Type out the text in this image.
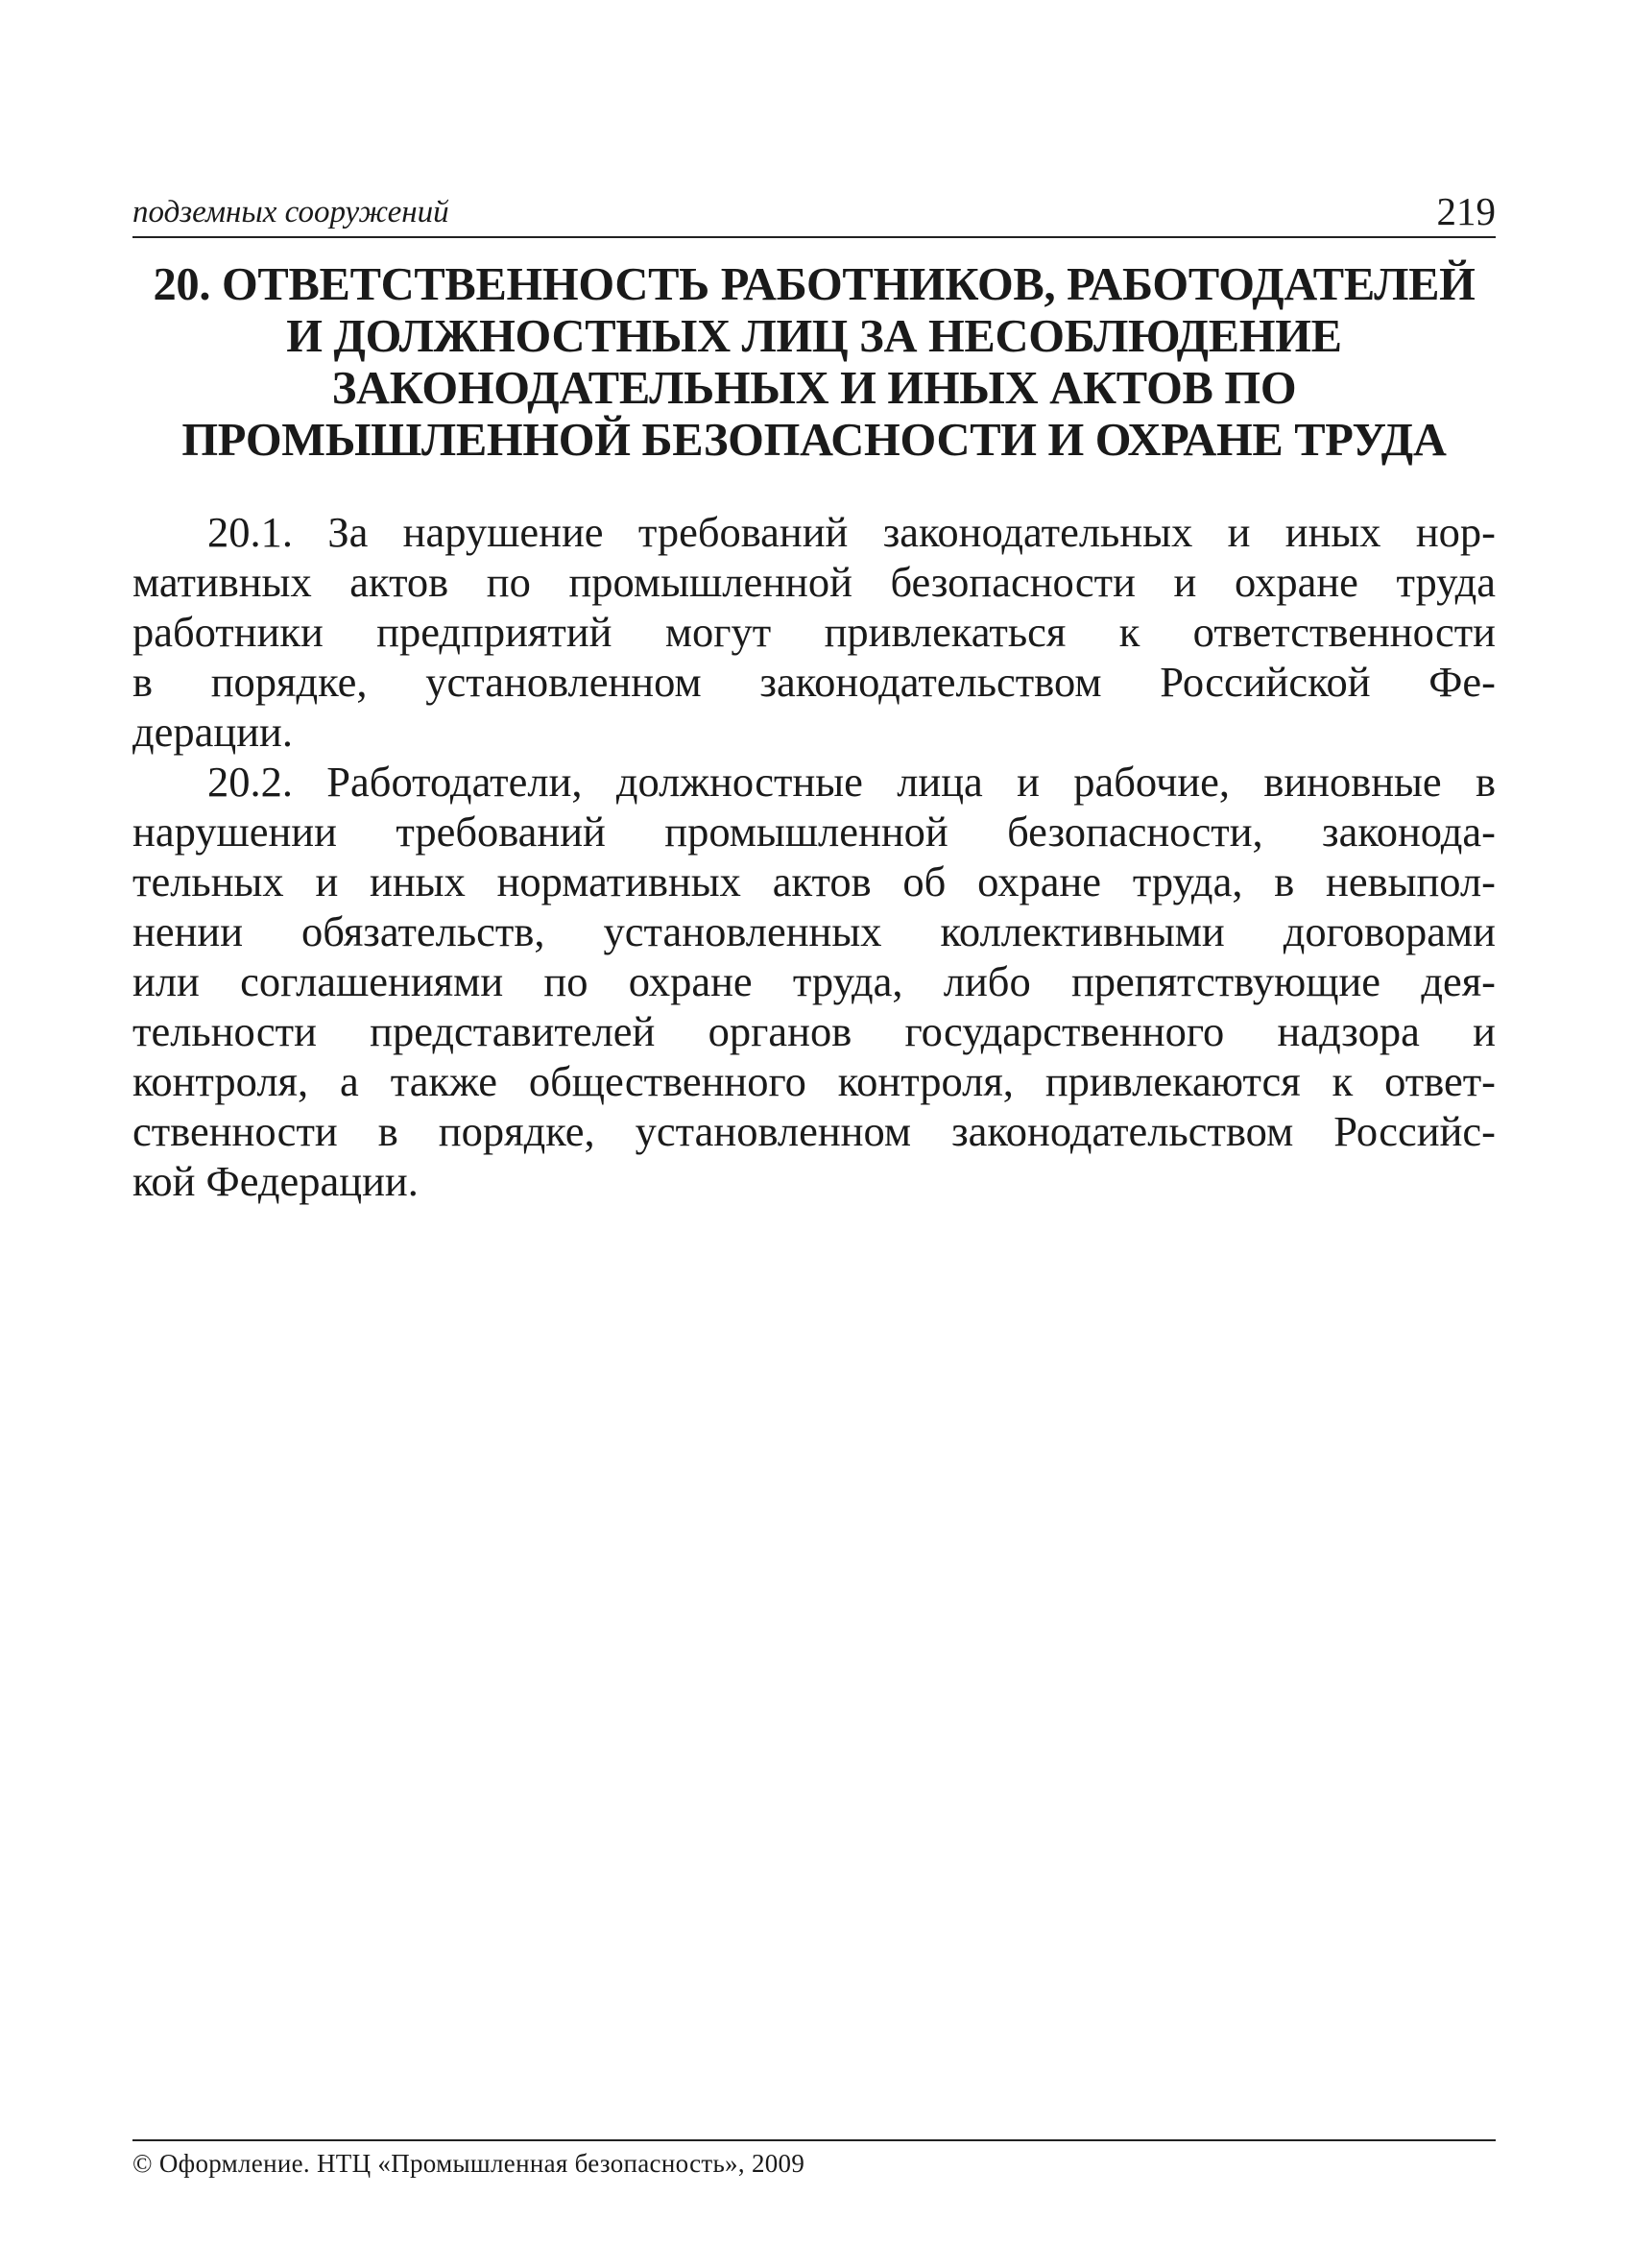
подземных сооружений	219
20. ОТВЕТСТВЕННОСТЬ РАБОТНИКОВ, РАБОТОДАТЕЛЕЙ
И ДОЛЖНОСТНЫХ ЛИЦ ЗА НЕСОБЛЮДЕНИЕ
ЗАКОНОДАТЕЛЬНЫХ И ИНЫХ АКТОВ ПО
ПРОМЫШЛЕННОЙ БЕЗОПАСНОСТИ И ОХРАНЕ ТРУДА
20.1. За нарушение требований законодательных и иных нор-
мативных актов по промышленной безопасности и охране труда
работники предприятий могут привлекаться к ответственности
в порядке, установленном законодательством Российской Фе-
дерации.
20.2. Работодатели, должностные лица и рабочие, виновные в
нарушении требований промышленной безопасности, законода-
тельных и иных нормативных актов об охране труда, в невыпол-
нении обязательств, установленных коллективными договорами
или соглашениями по охране труда, либо препятствующие дея-
тельности представителей органов государственного надзора и
контроля, а также общественного контроля, привлекаются к ответ-
ственности в порядке, установленном законодательством Российс-
кой Федерации.
© Оформление. НТЦ «Промышленная безопасность», 2009
